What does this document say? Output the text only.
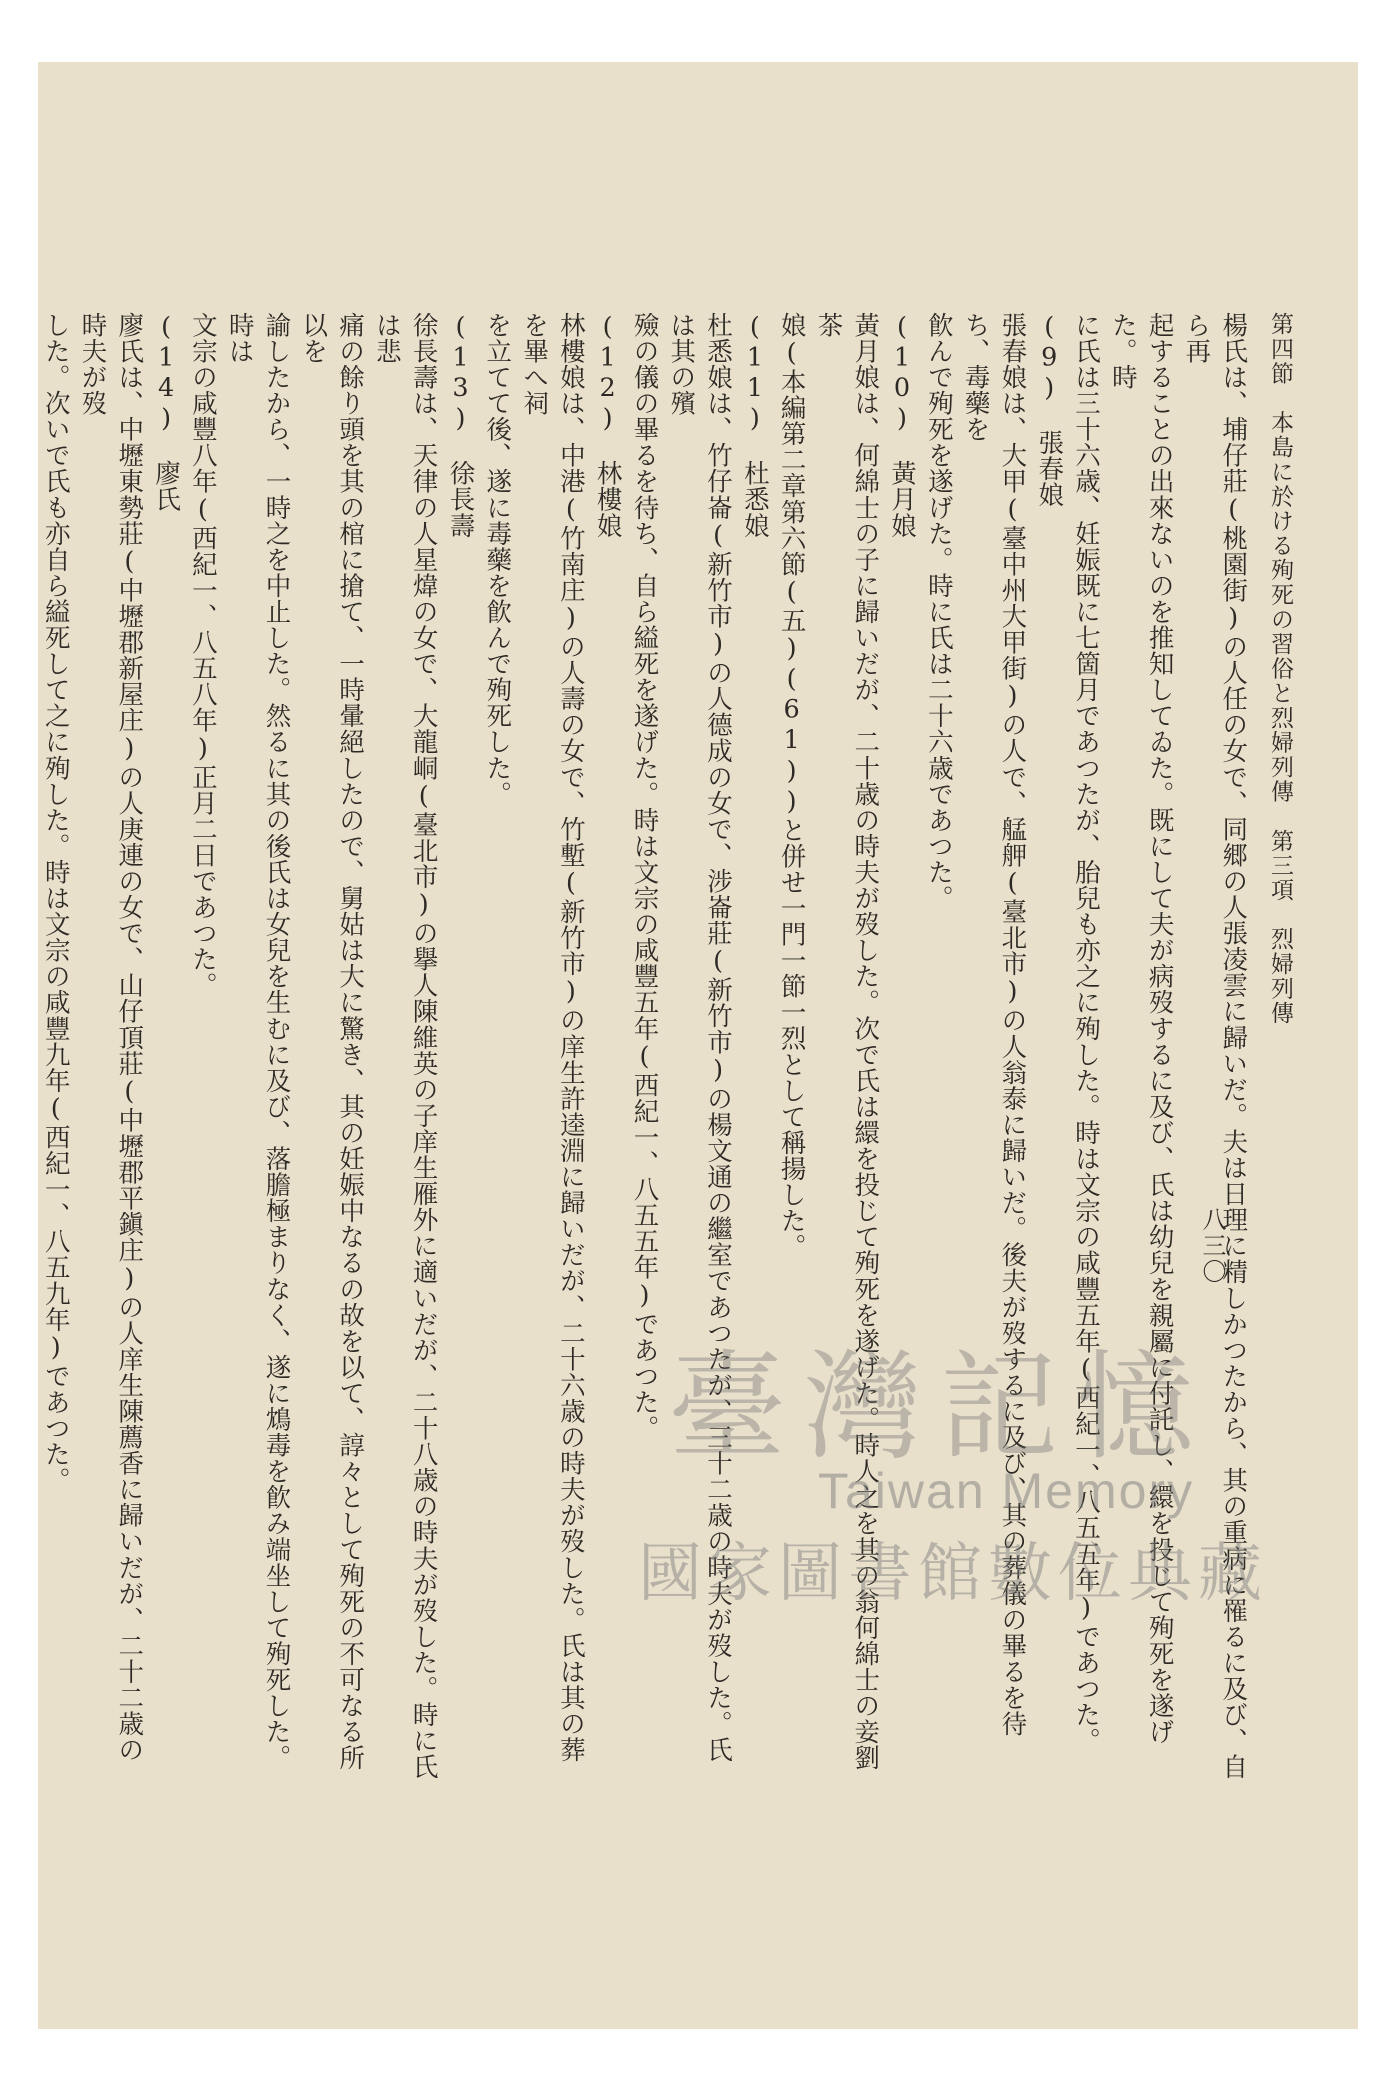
第四節　本島に於ける殉死の習俗と烈婦列傳　第三項　烈婦列傳

楊氏は、埔仔莊(桃園街)の人任の女で、同郷の人張凌雲に歸いだ。夫は日理に精しかつたから、其の重病に罹るに及び、自ら再

起することの出來ないのを推知してゐた。既にして夫が病歿するに及び、氏は幼兒を親屬に付託し、繯を投じて殉死を遂げた。時

に氏は三十六歳、妊娠既に七箇月であつたが、胎兒も亦之に殉した。時は文宗の咸豐五年(西紀一、八五五年)であつた。

(9)　張春娘

張春娘は、大甲(臺中州大甲街)の人で、艋舺(臺北市)の人翁泰に歸いだ。後夫が歿するに及び、其の葬儀の畢るを待ち、毒藥を

飮んで殉死を遂げた。時に氏は二十六歳であつた。

(10)　黃月娘

黃月娘は、何綿士の子に歸いだが、二十歳の時夫が歿した。次で氏は繯を投じて殉死を遂げた。時人之を其の翁何綿士の妾劉茶

娘(本編第二章第六節(五)(61))と併せ一門一節一烈として稱揚した。

(11)　杜悉娘

杜悉娘は、竹仔崙(新竹市)の人德成の女で、涉崙莊(新竹市)の楊文通の繼室であつたが、三十二歳の時夫が歿した。氏は其の殯

殮の儀の畢るを待ち、自ら縊死を遂げた。時は文宗の咸豐五年(西紀一、八五五年)であつた。

(12)　林樓娘

林樓娘は、中港(竹南庄)の人壽の女で、竹塹(新竹市)の庠生許逵淵に歸いだが、二十六歳の時夫が歿した。氏は其の葬を畢へ祠

を立てて後、遂に毒藥を飮んで殉死した。

(13)　徐長壽

徐長壽は、天律の人星煒の女で、大龍峒(臺北市)の擧人陳維英の子庠生雁外に適いだが、二十八歳の時夫が歿した。時に氏は悲

痛の餘り頭を其の棺に搶て、一時暈絕したので、舅姑は大に驚き、其の妊娠中なるの故を以て、諄々として殉死の不可なる所以を

諭したから、一時之を中止した。然るに其の後氏は女兒を生むに及び、落膽極まりなく、遂に鴆毒を飮み端坐して殉死した。時は

文宗の咸豐八年(西紀一、八五八年)正月二日であつた。

(14)　廖氏

廖氏は、中壢東勢莊(中壢郡新屋庄)の人庚連の女で、山仔頂莊(中壢郡平鎭庄)の人庠生陳薦香に歸いだが、二十二歳の時夫が歿

した。次いで氏も亦自ら縊死して之に殉した。時は文宗の咸豐九年(西紀一、八五九年)であつた。	八三〇
臺灣記憶
Taiwan Memory
國家圖書館數位典藏
